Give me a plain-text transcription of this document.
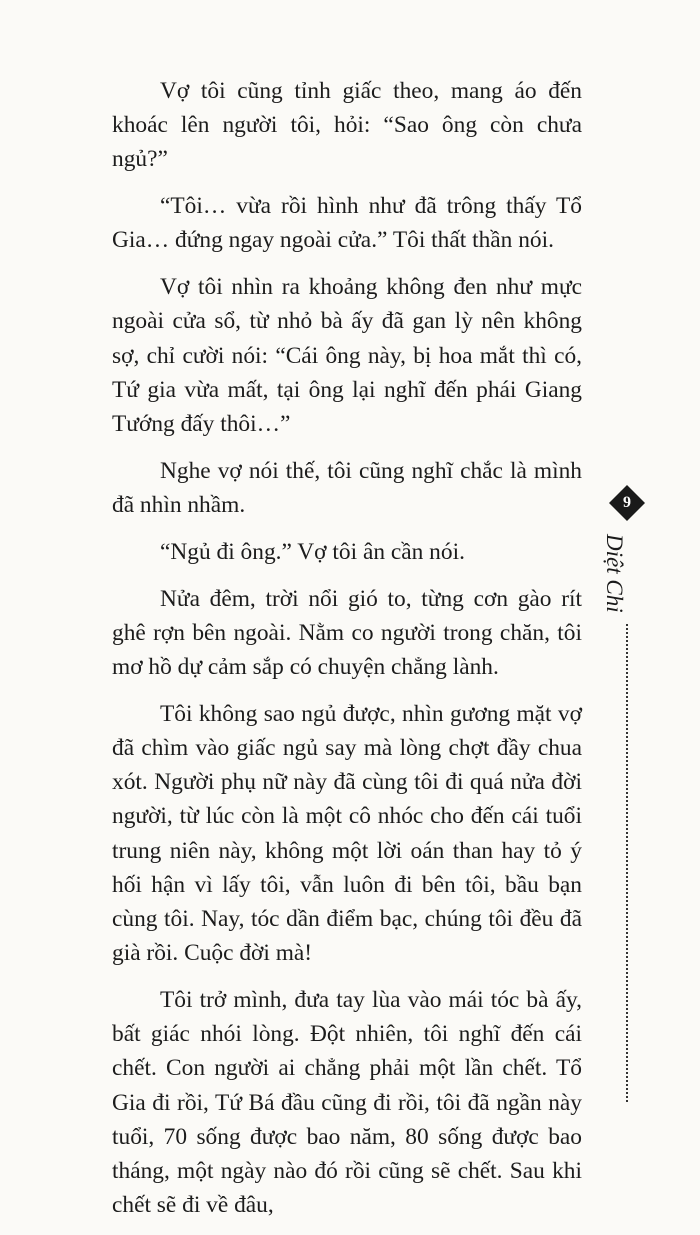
Vợ tôi cũng tỉnh giấc theo, mang áo đến khoác lên người tôi, hỏi: “Sao ông còn chưa ngủ?”

“Tôi… vừa rồi hình như đã trông thấy Tổ Gia… đứng ngay ngoài cửa.” Tôi thất thần nói.

Vợ tôi nhìn ra khoảng không đen như mực ngoài cửa sổ, từ nhỏ bà ấy đã gan lỳ nên không sợ, chỉ cười nói: “Cái ông này, bị hoa mắt thì có, Tứ gia vừa mất, tại ông lại nghĩ đến phái Giang Tướng đấy thôi…”

Nghe vợ nói thế, tôi cũng nghĩ chắc là mình đã nhìn nhầm.

“Ngủ đi ông.” Vợ tôi ân cần nói.

Nửa đêm, trời nổi gió to, từng cơn gào rít ghê rợn bên ngoài. Nằm co người trong chăn, tôi mơ hồ dự cảm sắp có chuyện chẳng lành.

Tôi không sao ngủ được, nhìn gương mặt vợ đã chìm vào giấc ngủ say mà lòng chợt đầy chua xót. Người phụ nữ này đã cùng tôi đi quá nửa đời người, từ lúc còn là một cô nhóc cho đến cái tuổi trung niên này, không một lời oán than hay tỏ ý hối hận vì lấy tôi, vẫn luôn đi bên tôi, bầu bạn cùng tôi. Nay, tóc dần điểm bạc, chúng tôi đều đã già rồi. Cuộc đời mà!

Tôi trở mình, đưa tay lùa vào mái tóc bà ấy, bất giác nhói lòng. Đột nhiên, tôi nghĩ đến cái chết. Con người ai chẳng phải một lần chết. Tổ Gia đi rồi, Tứ Bá đầu cũng đi rồi, tôi đã ngần này tuổi, 70 sống được bao năm, 80 sống được bao tháng, một ngày nào đó rồi cũng sẽ chết. Sau khi chết sẽ đi về đâu,

9
Diệt Chi
